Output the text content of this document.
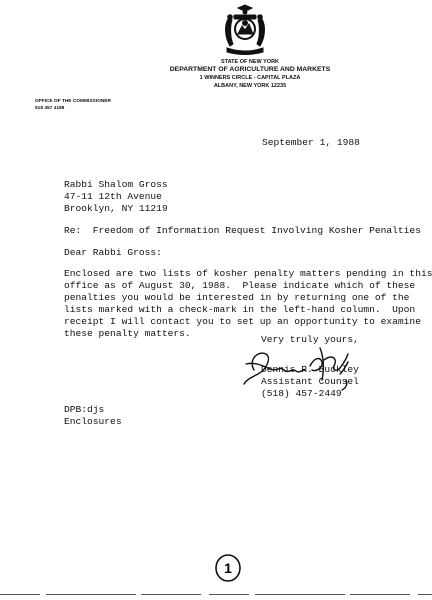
STATE OF NEW YORK
DEPARTMENT OF AGRICULTURE AND MARKETS
1 WINNERS CIRCLE - CAPITAL PLAZA
ALBANY, NEW YORK 12235
OFFICE OF THE COMMISSIONER
518 457 4188
September 1, 1988
Rabbi Shalom Gross
47-11 12th Avenue
Brooklyn, NY 11219
Re:  Freedom of Information Request Involving Kosher Penalties
Dear Rabbi Gross:
Enclosed are two lists of kosher penalty matters pending in this
office as of August 30, 1988.  Please indicate which of these
penalties you would be interested in by returning one of the
lists marked with a check-mark in the left-hand column.  Upon
receipt I will contact you to set up an opportunity to examine
these penalty matters.
Very truly yours,
Dennis P. Buckley
Assistant Counsel
(518) 457-2449
DPB:djs
Enclosures
1
